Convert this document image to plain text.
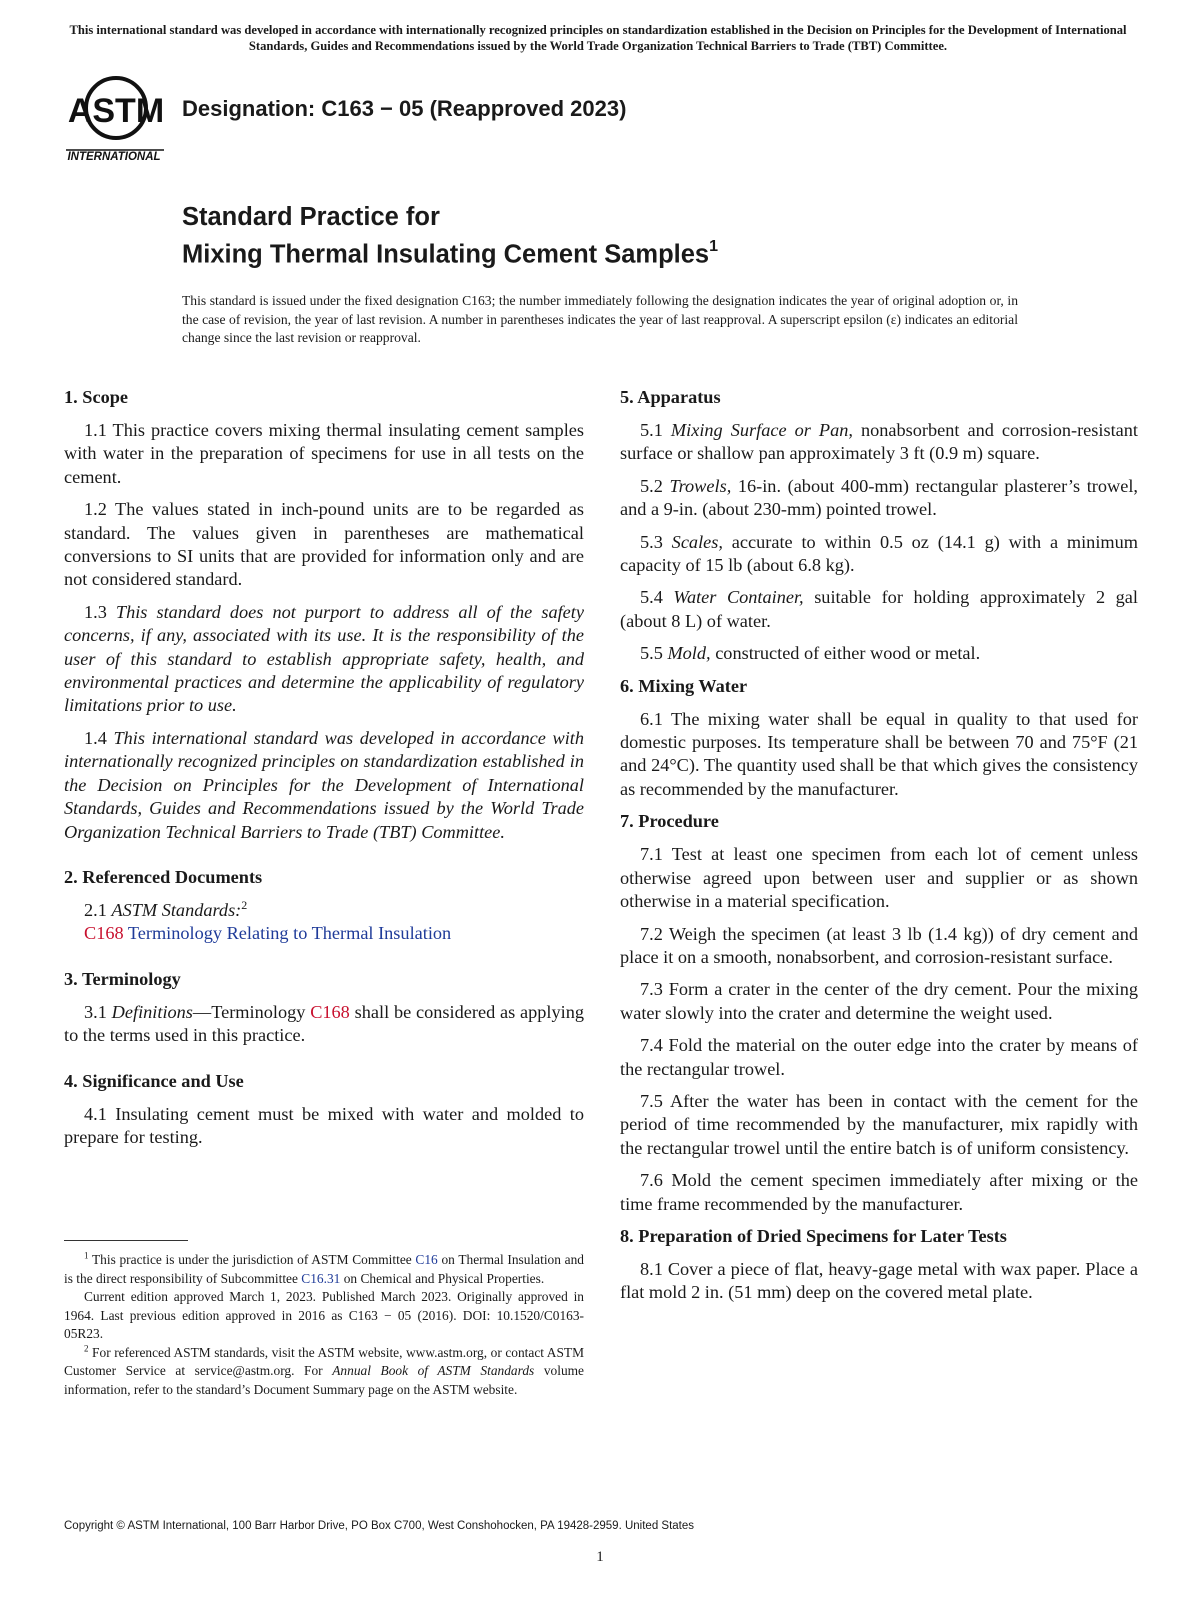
This international standard was developed in accordance with internationally recognized principles on standardization established in the Decision on Principles for the Development of International Standards, Guides and Recommendations issued by the World Trade Organization Technical Barriers to Trade (TBT) Committee.
ASTM
INTERNATIONAL
Designation: C163 − 05 (Reapproved 2023)
Standard Practice for
Mixing Thermal Insulating Cement Samples$^1$
This standard is issued under the fixed designation C163; the number immediately following the designation indicates the year of original adoption or, in the case of revision, the year of last revision. A number in parentheses indicates the year of last reapproval. A superscript epsilon (ε) indicates an editorial change since the last revision or reapproval.
1. Scope

1.1 This practice covers mixing thermal insulating cement samples with water in the preparation of specimens for use in all tests on the cement.

1.2 The values stated in inch-pound units are to be regarded as standard. The values given in parentheses are mathematical conversions to SI units that are provided for information only and are not considered standard.

1.3 This standard does not purport to address all of the safety concerns, if any, associated with its use. It is the responsibility of the user of this standard to establish appropriate safety, health, and environmental practices and determine the applicability of regulatory limitations prior to use.

1.4 This international standard was developed in accordance with internationally recognized principles on standardization established in the Decision on Principles for the Development of International Standards, Guides and Recommendations issued by the World Trade Organization Technical Barriers to Trade (TBT) Committee.

2. Referenced Documents

2.1 ASTM Standards:$^2$

C168 Terminology Relating to Thermal Insulation

3. Terminology

3.1 Definitions—Terminology C168 shall be considered as applying to the terms used in this practice.

4. Significance and Use

4.1 Insulating cement must be mixed with water and molded to prepare for testing.

5. Apparatus

5.1 Mixing Surface or Pan, nonabsorbent and corrosion-resistant surface or shallow pan approximately 3 ft (0.9 m) square.

5.2 Trowels, 16-in. (about 400-mm) rectangular plasterer’s trowel, and a 9-in. (about 230-mm) pointed trowel.

5.3 Scales, accurate to within 0.5 oz (14.1 g) with a minimum capacity of 15 lb (about 6.8 kg).

5.4 Water Container, suitable for holding approximately 2 gal (about 8 L) of water.

5.5 Mold, constructed of either wood or metal.

6. Mixing Water

6.1 The mixing water shall be equal in quality to that used for domestic purposes. Its temperature shall be between 70 and 75°F (21 and 24°C). The quantity used shall be that which gives the consistency as recommended by the manufacturer.

7. Procedure

7.1 Test at least one specimen from each lot of cement unless otherwise agreed upon between user and supplier or as shown otherwise in a material specification.

7.2 Weigh the specimen (at least 3 lb (1.4 kg)) of dry cement and place it on a smooth, nonabsorbent, and corrosion-resistant surface.

7.3 Form a crater in the center of the dry cement. Pour the mixing water slowly into the crater and determine the weight used.

7.4 Fold the material on the outer edge into the crater by means of the rectangular trowel.

7.5 After the water has been in contact with the cement for the period of time recommended by the manufacturer, mix rapidly with the rectangular trowel until the entire batch is of uniform consistency.

7.6 Mold the cement specimen immediately after mixing or the time frame recommended by the manufacturer.

8. Preparation of Dried Specimens for Later Tests

8.1 Cover a piece of flat, heavy-gage metal with wax paper. Place a flat mold 2 in. (51 mm) deep on the covered metal plate.

$^1$ This practice is under the jurisdiction of ASTM Committee C16 on Thermal Insulation and is the direct responsibility of Subcommittee C16.31 on Chemical and Physical Properties.

Current edition approved March 1, 2023. Published March 2023. Originally approved in 1964. Last previous edition approved in 2016 as C163 − 05 (2016). DOI: 10.1520/C0163-05R23.

$^2$ For referenced ASTM standards, visit the ASTM website, www.astm.org, or contact ASTM Customer Service at service@astm.org. For Annual Book of ASTM Standards volume information, refer to the standard’s Document Summary page on the ASTM website.

Copyright © ASTM International, 100 Barr Harbor Drive, PO Box C700, West Conshohocken, PA 19428-2959. United States
1
